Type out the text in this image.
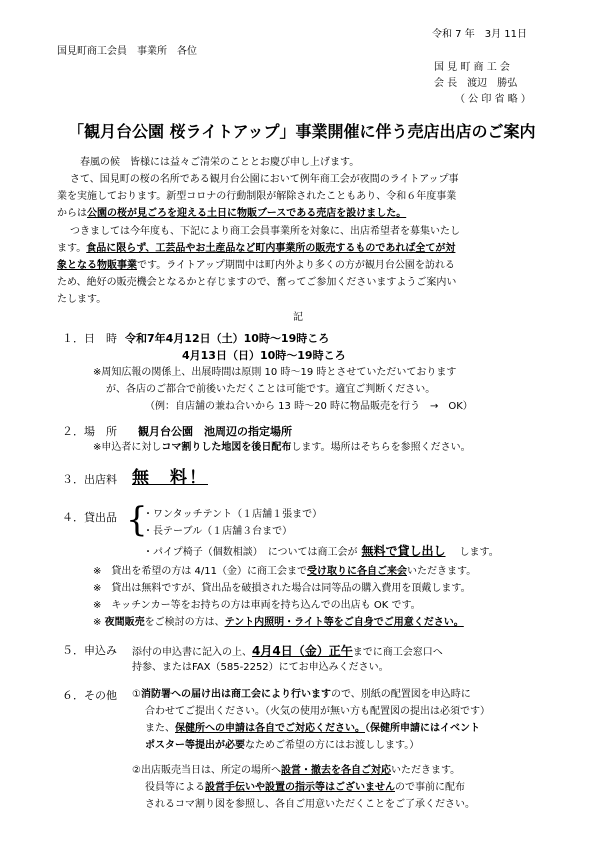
令和 7 年　3月 11日
国見町商工会員　事業所　各位
国 見 町 商 工 会
会 長　渡辺　勝弘
（ 公 印 省 略 ）
「観月台公園 桜ライトアップ」事業開催に伴う売店出店のご案内
春風の候　皆様には益々ご清栄のこととお慶び申し上げます。
さて、国見町の桜の名所である観月台公園において例年商工会が夜間のライトアップ事
業を実施しております。新型コロナの行動制限が解除されたこともあり、令和６年度事業
からは公園の桜が見ごろを迎える土日に物販ブースである売店を設けました。
つきましては今年度も、下記により商工会員事業所を対象に、出店希望者を募集いたし
ます。食品に限らず、工芸品やお土産品など町内事業所の販売するものであれば全てが対
象となる物販事業です。ライトアップ期間中は町内外より多くの方が観月台公園を訪れる
ため、絶好の販売機会となるかと存じますので、奮ってご参加くださいますようご案内い
たします。
記
１．日　時 令和7年4月12日（土）10時～19時ころ
4月13日（日）10時～19時ころ
※周知広報の関係上、出展時間は原則 10 時～19 時とさせていただいております
が、各店のご都合で前後いただくことは可能です。適宜ご判断ください。
（例：自店舗の兼ね合いから 13 時～20 時に物品販売を行う　→　OK）
２．場　所 観月台公園　池周辺の指定場所
※申込者に対しコマ割りした地図を後日配布します。場所はそちらを参照ください。
３．出店料 無　料！
４．貸出品 {
・ワンタッチテント（１店舗１張まで）
・長テーブル（１店舗３台まで）
・パイプ椅子（個数相談）　については商工会が 無料で貸し出し します。
※　貸出を希望の方は 4/11（金）に商工会まで受け取りに各自ご来会いただきます。
※　貸出は無料ですが、貸出品を破損された場合は同等品の購入費用を頂戴します。
※　キッチンカー等をお持ちの方は車両を持ち込んでの出店も OK です。
※ 夜間販売をご検討の方は、テント内照明・ライト等をご自身でご用意ください。
５．申込み 添付の申込書に記入の上、4月4日（金）正午までに商工会窓口へ
持参、またはFAX（585-2252）にてお申込みください。
６．その他 ①消防署への届け出は商工会により行いますので、別紙の配置図を申込時に
合わせてご提出ください。（火気の使用が無い方も配置図の提出は必須です）
また、保健所への申請は各自でご対応ください。（保健所申請にはイベント
ポスター等提出が必要なためご希望の方にはお渡しします。）
②出店販売当日は、所定の場所へ設営・撤去を各自ご対応いただきます。
役員等による設営手伝いや設置の指示等はございませんので事前に配布
されるコマ割り図を参照し、各自ご用意いただくことをご了承ください。
